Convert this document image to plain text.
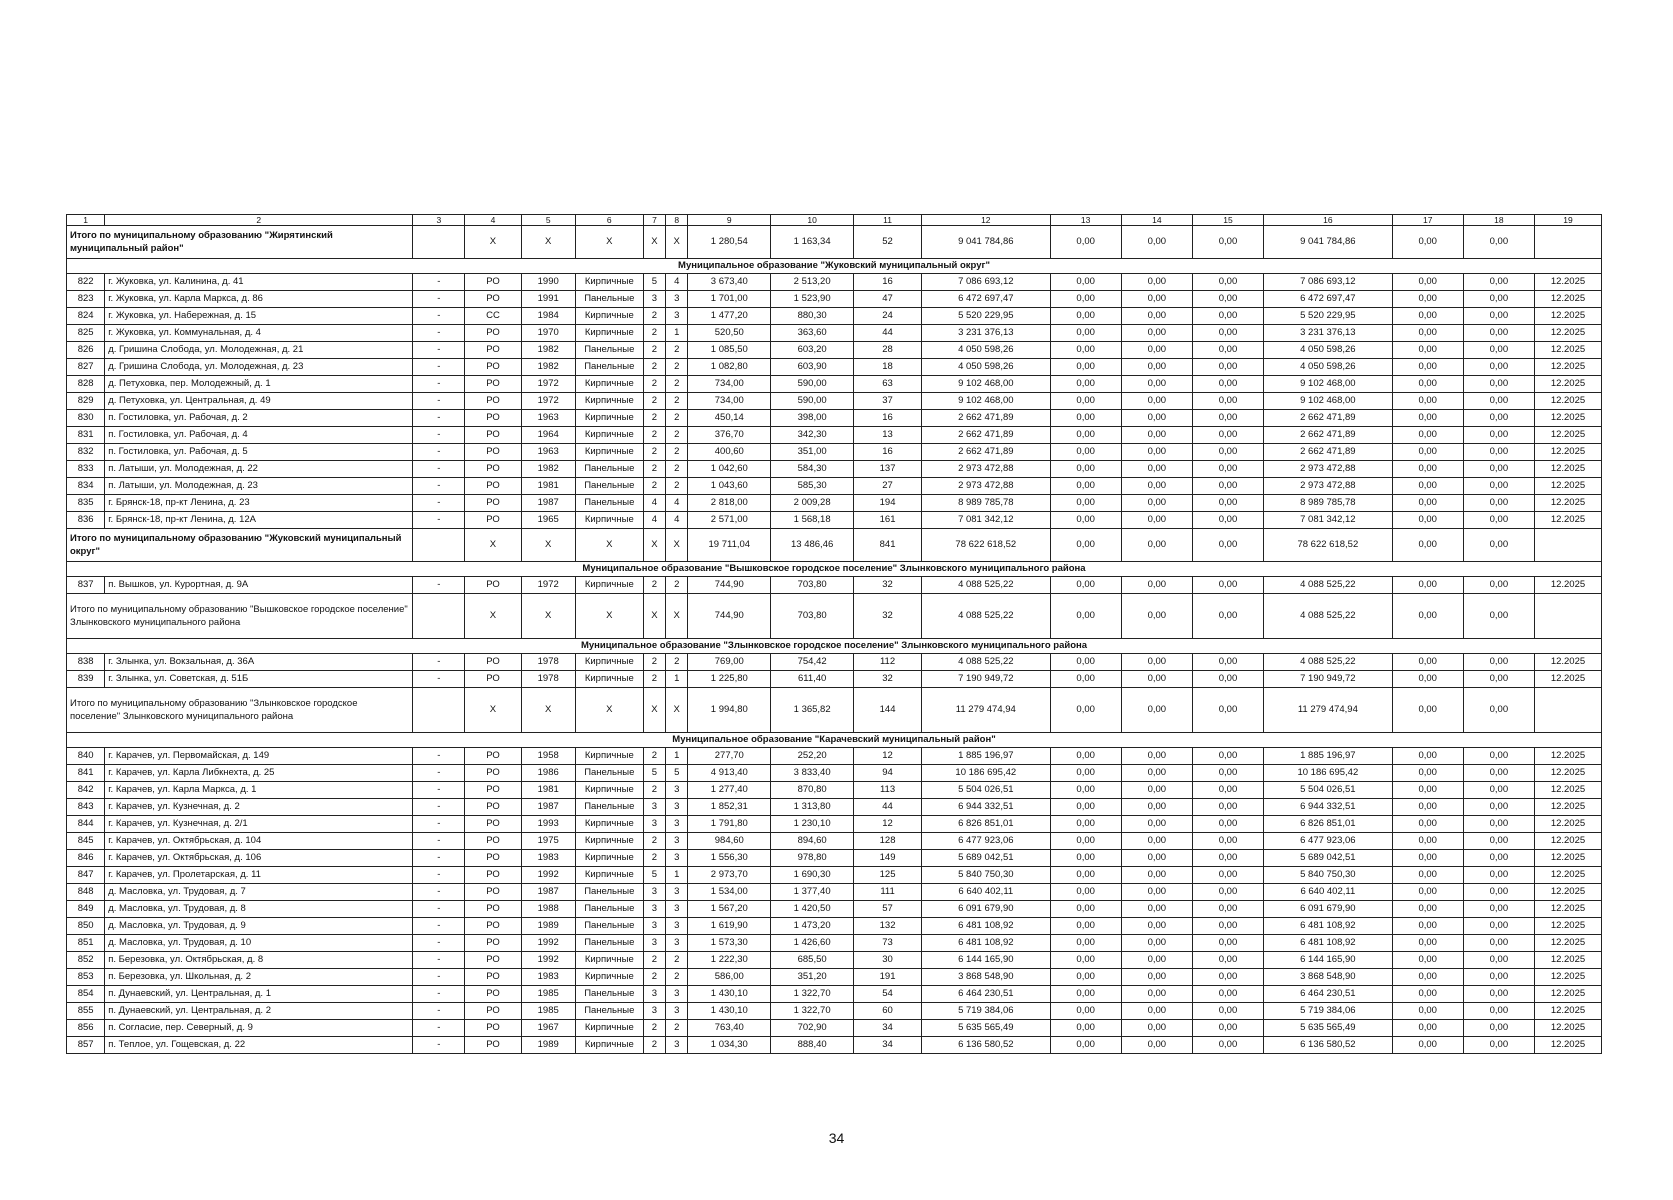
1	2	3	4	5	6	7	8	9	10	11	12	13	14	15	16	17	18	19
Итого по муниципальному образованию "Жирятинский муниципальный район"			X	X	X	X	X	1 280,54	1 163,34	52	9 041 784,86	0,00	0,00	0,00	9 041 784,86	0,00	0,00	
Муниципальное образование "Жуковский муниципальный округ"																		
822	г. Жуковка, ул. Калинина, д. 41	-	РО	1990	Кирпичные	5	4	3 673,40	2 513,20	16	7 086 693,12	0,00	0,00	0,00	7 086 693,12	0,00	0,00	12.2025
823	г. Жуковка, ул. Карла Маркса, д. 86	-	РО	1991	Панельные	3	3	1 701,00	1 523,90	47	6 472 697,47	0,00	0,00	0,00	6 472 697,47	0,00	0,00	12.2025
824	г. Жуковка, ул. Набережная, д. 15	-	СС	1984	Кирпичные	2	3	1 477,20	880,30	24	5 520 229,95	0,00	0,00	0,00	5 520 229,95	0,00	0,00	12.2025
825	г. Жуковка, ул. Коммунальная, д. 4	-	РО	1970	Кирпичные	2	1	520,50	363,60	44	3 231 376,13	0,00	0,00	0,00	3 231 376,13	0,00	0,00	12.2025
826	д. Гришина Слобода, ул. Молодежная, д. 21	-	РО	1982	Панельные	2	2	1 085,50	603,20	28	4 050 598,26	0,00	0,00	0,00	4 050 598,26	0,00	0,00	12.2025
827	д. Гришина Слобода, ул. Молодежная, д. 23	-	РО	1982	Панельные	2	2	1 082,80	603,90	18	4 050 598,26	0,00	0,00	0,00	4 050 598,26	0,00	0,00	12.2025
828	д. Петуховка, пер. Молодежный, д. 1	-	РО	1972	Кирпичные	2	2	734,00	590,00	63	9 102 468,00	0,00	0,00	0,00	9 102 468,00	0,00	0,00	12.2025
829	д. Петуховка, ул. Центральная, д. 49	-	РО	1972	Кирпичные	2	2	734,00	590,00	37	9 102 468,00	0,00	0,00	0,00	9 102 468,00	0,00	0,00	12.2025
830	п. Гостиловка, ул. Рабочая, д. 2	-	РО	1963	Кирпичные	2	2	450,14	398,00	16	2 662 471,89	0,00	0,00	0,00	2 662 471,89	0,00	0,00	12.2025
831	п. Гостиловка, ул. Рабочая, д. 4	-	РО	1964	Кирпичные	2	2	376,70	342,30	13	2 662 471,89	0,00	0,00	0,00	2 662 471,89	0,00	0,00	12.2025
832	п. Гостиловка, ул. Рабочая, д. 5	-	РО	1963	Кирпичные	2	2	400,60	351,00	16	2 662 471,89	0,00	0,00	0,00	2 662 471,89	0,00	0,00	12.2025
833	п. Латыши, ул. Молодежная, д. 22	-	РО	1982	Панельные	2	2	1 042,60	584,30	137	2 973 472,88	0,00	0,00	0,00	2 973 472,88	0,00	0,00	12.2025
834	п. Латыши, ул. Молодежная, д. 23	-	РО	1981	Панельные	2	2	1 043,60	585,30	27	2 973 472,88	0,00	0,00	0,00	2 973 472,88	0,00	0,00	12.2025
835	г. Брянск-18, пр-кт Ленина, д. 23	-	РО	1987	Панельные	4	4	2 818,00	2 009,28	194	8 989 785,78	0,00	0,00	0,00	8 989 785,78	0,00	0,00	12.2025
836	г. Брянск-18, пр-кт Ленина, д. 12А	-	РО	1965	Кирпичные	4	4	2 571,00	1 568,18	161	7 081 342,12	0,00	0,00	0,00	7 081 342,12	0,00	0,00	12.2025
Итого по муниципальному образованию "Жуковский муниципальный округ"			X	X	X	X	X	19 711,04	13 486,46	841	78 622 618,52	0,00	0,00	0,00	78 622 618,52	0,00	0,00	
Муниципальное образование "Вышковское городское поселение" Злынковского муниципального района																		
837	п. Вышков, ул. Курортная, д. 9А	-	РО	1972	Кирпичные	2	2	744,90	703,80	32	4 088 525,22	0,00	0,00	0,00	4 088 525,22	0,00	0,00	12.2025
Итого по муниципальному образованию "Вышковское городское поселение" Злынковского муниципального района			X	X	X	X	X	744,90	703,80	32	4 088 525,22	0,00	0,00	0,00	4 088 525,22	0,00	0,00	
Муниципальное образование "Злынковское городское поселение" Злынковского муниципального района																		
838	г. Злынка, ул. Вокзальная, д. 36А	-	РО	1978	Кирпичные	2	2	769,00	754,42	112	4 088 525,22	0,00	0,00	0,00	4 088 525,22	0,00	0,00	12.2025
839	г. Злынка, ул. Советская, д. 51Б	-	РО	1978	Кирпичные	2	1	1 225,80	611,40	32	7 190 949,72	0,00	0,00	0,00	7 190 949,72	0,00	0,00	12.2025
Итого по муниципальному образованию "Злынковское городское поселение" Злынковского муниципального района			X	X	X	X	X	1 994,80	1 365,82	144	11 279 474,94	0,00	0,00	0,00	11 279 474,94	0,00	0,00	
Муниципальное образование "Карачевский муниципальный район"																		
840	г. Карачев, ул. Первомайская, д. 149	-	РО	1958	Кирпичные	2	1	277,70	252,20	12	1 885 196,97	0,00	0,00	0,00	1 885 196,97	0,00	0,00	12.2025
841	г. Карачев, ул. Карла Либкнехта, д. 25	-	РО	1986	Панельные	5	5	4 913,40	3 833,40	94	10 186 695,42	0,00	0,00	0,00	10 186 695,42	0,00	0,00	12.2025
842	г. Карачев, ул. Карла Маркса, д. 1	-	РО	1981	Кирпичные	2	3	1 277,40	870,80	113	5 504 026,51	0,00	0,00	0,00	5 504 026,51	0,00	0,00	12.2025
843	г. Карачев, ул. Кузнечная, д. 2	-	РО	1987	Панельные	3	3	1 852,31	1 313,80	44	6 944 332,51	0,00	0,00	0,00	6 944 332,51	0,00	0,00	12.2025
844	г. Карачев, ул. Кузнечная, д. 2/1	-	РО	1993	Кирпичные	3	3	1 791,80	1 230,10	12	6 826 851,01	0,00	0,00	0,00	6 826 851,01	0,00	0,00	12.2025
845	г. Карачев, ул. Октябрьская, д. 104	-	РО	1975	Кирпичные	2	3	984,60	894,60	128	6 477 923,06	0,00	0,00	0,00	6 477 923,06	0,00	0,00	12.2025
846	г. Карачев, ул. Октябрьская, д. 106	-	РО	1983	Кирпичные	2	3	1 556,30	978,80	149	5 689 042,51	0,00	0,00	0,00	5 689 042,51	0,00	0,00	12.2025
847	г. Карачев, ул. Пролетарская, д. 11	-	РО	1992	Кирпичные	5	1	2 973,70	1 690,30	125	5 840 750,30	0,00	0,00	0,00	5 840 750,30	0,00	0,00	12.2025
848	д. Масловка, ул. Трудовая, д. 7	-	РО	1987	Панельные	3	3	1 534,00	1 377,40	111	6 640 402,11	0,00	0,00	0,00	6 640 402,11	0,00	0,00	12.2025
849	д. Масловка, ул. Трудовая, д. 8	-	РО	1988	Панельные	3	3	1 567,20	1 420,50	57	6 091 679,90	0,00	0,00	0,00	6 091 679,90	0,00	0,00	12.2025
850	д. Масловка, ул. Трудовая, д. 9	-	РО	1989	Панельные	3	3	1 619,90	1 473,20	132	6 481 108,92	0,00	0,00	0,00	6 481 108,92	0,00	0,00	12.2025
851	д. Масловка, ул. Трудовая, д. 10	-	РО	1992	Панельные	3	3	1 573,30	1 426,60	73	6 481 108,92	0,00	0,00	0,00	6 481 108,92	0,00	0,00	12.2025
852	п. Березовка, ул. Октябрьская, д. 8	-	РО	1992	Кирпичные	2	2	1 222,30	685,50	30	6 144 165,90	0,00	0,00	0,00	6 144 165,90	0,00	0,00	12.2025
853	п. Березовка, ул. Школьная, д. 2	-	РО	1983	Кирпичные	2	2	586,00	351,20	191	3 868 548,90	0,00	0,00	0,00	3 868 548,90	0,00	0,00	12.2025
854	п. Дунаевский, ул. Центральная, д. 1	-	РО	1985	Панельные	3	3	1 430,10	1 322,70	54	6 464 230,51	0,00	0,00	0,00	6 464 230,51	0,00	0,00	12.2025
855	п. Дунаевский, ул. Центральная, д. 2	-	РО	1985	Панельные	3	3	1 430,10	1 322,70	60	5 719 384,06	0,00	0,00	0,00	5 719 384,06	0,00	0,00	12.2025
856	п. Согласие, пер. Северный, д. 9	-	РО	1967	Кирпичные	2	2	763,40	702,90	34	5 635 565,49	0,00	0,00	0,00	5 635 565,49	0,00	0,00	12.2025
857	п. Теплое, ул. Гощевская, д. 22	-	РО	1989	Кирпичные	2	3	1 034,30	888,40	34	6 136 580,52	0,00	0,00	0,00	6 136 580,52	0,00	0,00	12.2025
34
